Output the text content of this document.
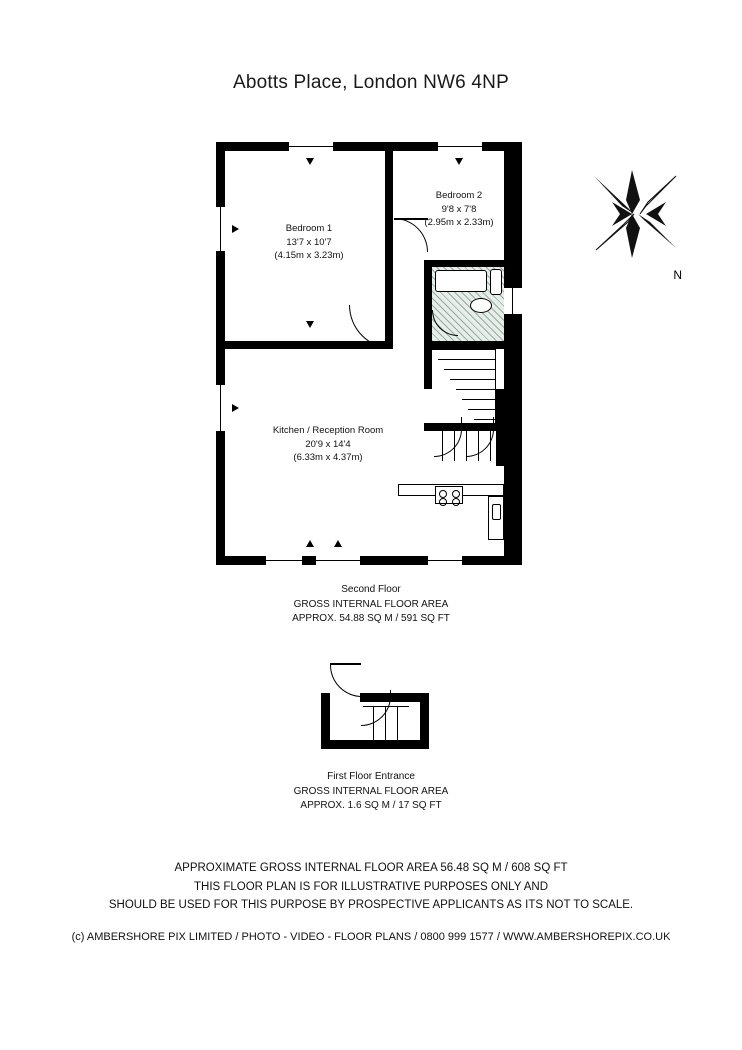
Abotts Place, London NW6 4NP
Bedroom 1
13'7 x 10'7
(4.15m x 3.23m)
Bedroom 2
9'8 x 7'8
(2.95m x 2.33m)
Kitchen / Reception Room
20'9 x 14'4
(6.33m x 4.37m)
N
Second Floor
GROSS INTERNAL FLOOR AREA
APPROX. 54.88 SQ M / 591 SQ FT
First Floor Entrance
GROSS INTERNAL FLOOR AREA
APPROX. 1.6 SQ M / 17 SQ FT
APPROXIMATE GROSS INTERNAL FLOOR AREA 56.48 SQ M / 608 SQ FT
THIS FLOOR PLAN IS FOR ILLUSTRATIVE PURPOSES ONLY AND
SHOULD BE USED FOR THIS PURPOSE BY PROSPECTIVE APPLICANTS AS ITS NOT TO SCALE.
(c) AMBERSHORE PIX LIMITED / PHOTO - VIDEO - FLOOR PLANS / 0800 999 1577 / WWW.AMBERSHOREPIX.CO.UK
